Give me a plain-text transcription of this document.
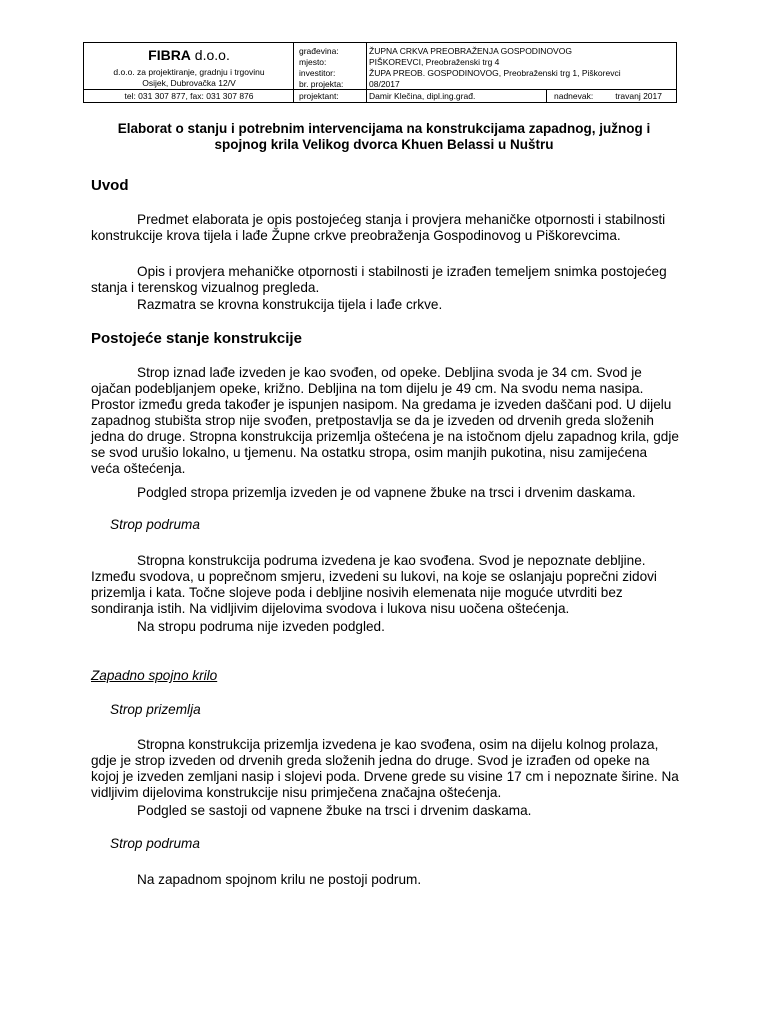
FIBRA d.o.o.
d.o.o. za projektiranje, gradnju i trgovinu
Osijek, Dubrovačka 12/V
tel: 031 307 877, fax: 031 307 876
građevina:	ŽUPNA CRKVA PREOBRAŽENJA GOSPODINOVOG
mjesto:	PIŠKOREVCI, Preobraženski trg 4
investitor:	ŽUPA PREOB. GOSPODINOVOG, Preobraženski trg 1, Piškorevci
br. projekta:	08/2017
projektant:	Damir Klečina, dipl.ing.građ.	nadnevak:	travanj 2017
Elaborat o stanju i potrebnim intervencijama na konstrukcijama zapadnog, južnog i spojnog krila Velikog dvorca Khuen Belassi u Nuštru
Uvod

Predmet elaborata je opis postojećeg stanja i provjera mehaničke otpornosti i stabilnosti konstrukcije krova tijela i lađe Župne crkve preobraženja Gospodinovog u Piškorevcima.

Opis i provjera mehaničke otpornosti i stabilnosti je izrađen temeljem snimka postojećeg stanja i terenskog vizualnog pregleda.

Razmatra se krovna konstrukcija tijela i lađe crkve.

Postojeće stanje konstrukcije

Strop iznad lađe izveden je kao svođen, od opeke. Debljina svoda je 34 cm. Svod je ojačan podebljanjem opeke, križno. Debljina na tom dijelu je 49 cm. Na svodu nema nasipa. Prostor između greda također je ispunjen nasipom. Na gredama je izveden daščani pod. U dijelu zapadnog stubišta strop nije svođen, pretpostavlja se da je izveden od drvenih greda složenih jedna do druge. Stropna konstrukcija prizemlja oštećena je na istočnom djelu zapadnog krila, gdje se svod urušio lokalno, u tjemenu. Na ostatku stropa, osim manjih pukotina, nisu zamijećena veća oštećenja.

Podgled stropa prizemlja izveden je od vapnene žbuke na trsci i drvenim daskama.

Strop podruma

Stropna konstrukcija podruma izvedena je kao svođena. Svod je nepoznate debljine. Između svodova, u poprečnom smjeru, izvedeni su lukovi, na koje se oslanjaju poprečni zidovi prizemlja i kata. Točne slojeve poda i debljine nosivih elemenata nije moguće utvrditi bez sondiranja istih. Na vidljivim dijelovima svodova i lukova nisu uočena oštećenja.

Na stropu podruma nije izveden podgled.

Zapadno spojno krilo

Strop prizemlja

Stropna konstrukcija prizemlja izvedena je kao svođena, osim na dijelu kolnog prolaza, gdje je strop izveden od drvenih greda složenih jedna do druge. Svod je izrađen od opeke na kojoj je izveden zemljani nasip i slojevi poda. Drvene grede su visine 17 cm i nepoznate širine. Na vidljivim dijelovima konstrukcije nisu primječena značajna oštećenja.

Podgled se sastoji od vapnene žbuke na trsci i drvenim daskama.

Strop podruma

Na zapadnom spojnom krilu ne postoji podrum.
